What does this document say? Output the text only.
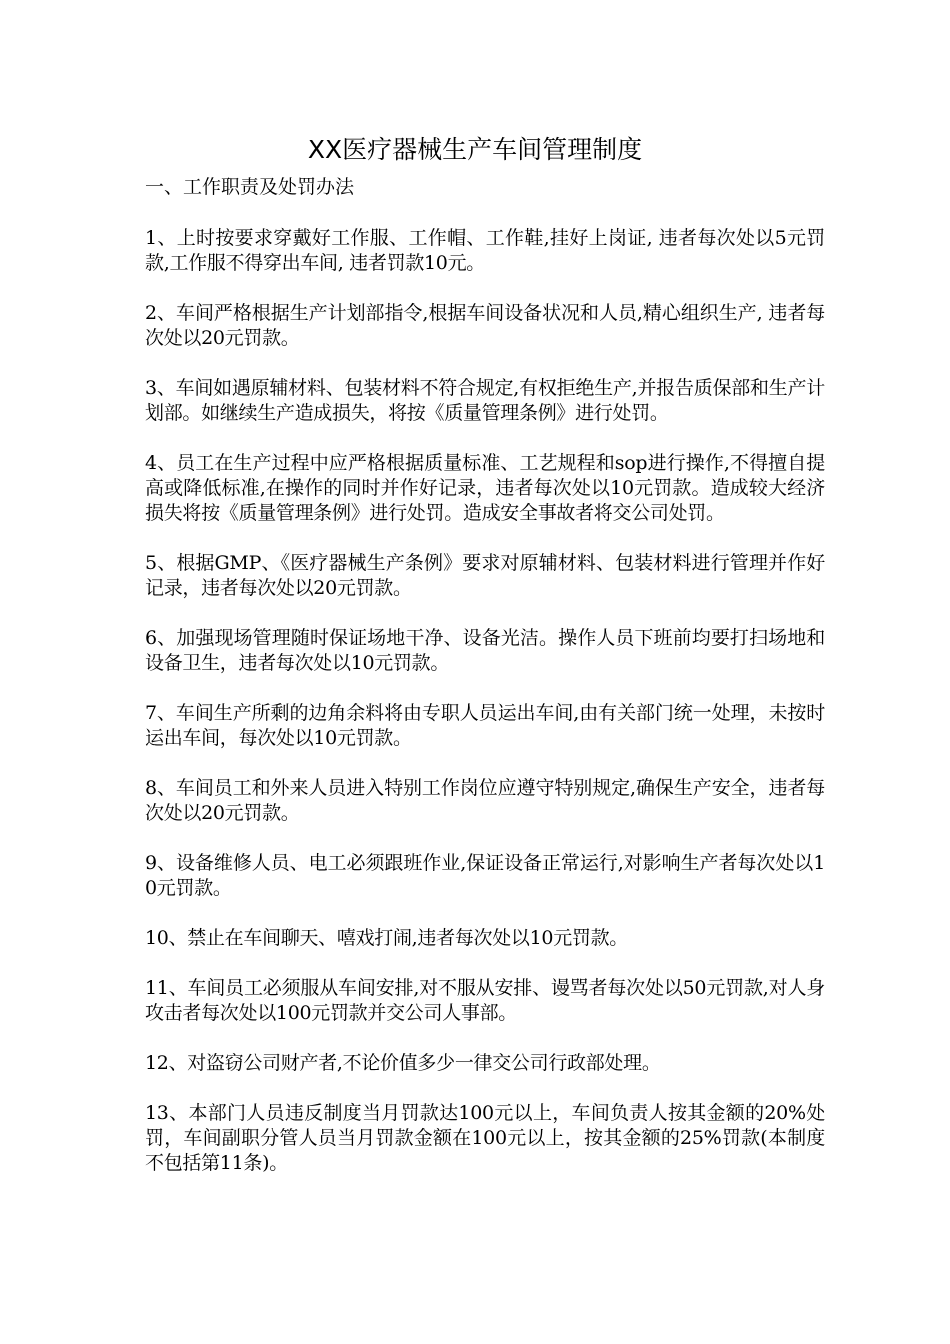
XX医疗器械生产车间管理制度
一、工作职责及处罚办法

1、上时按要求穿戴好工作服、工作帽、工作鞋,挂好上岗证, 违者每次处以5元罚款,工作服不得穿出车间, 违者罚款10元。

2、车间严格根据生产计划部指令,根据车间设备状况和人员,精心组织生产, 违者每次处以20元罚款。

3、车间如遇原辅材料、包装材料不符合规定,有权拒绝生产,并报告质保部和生产计划部。如继续生产造成损失，将按《质量管理条例》进行处罚。

4、员工在生产过程中应严格根据质量标准、工艺规程和sop进行操作,不得擅自提高或降低标准,在操作的同时并作好记录，违者每次处以10元罚款。造成较大经济损失将按《质量管理条例》进行处罚。造成安全事故者将交公司处罚。

5、根据GMP、《医疗器械生产条例》要求对原辅材料、包装材料进行管理并作好记录，违者每次处以20元罚款。

6、加强现场管理随时保证场地干净、设备光洁。操作人员下班前均要打扫场地和设备卫生，违者每次处以10元罚款。

7、车间生产所剩的边角余料将由专职人员运出车间,由有关部门统一处理，未按时运出车间，每次处以10元罚款。

8、车间员工和外来人员进入特别工作岗位应遵守特别规定,确保生产安全，违者每次处以20元罚款。

9、设备维修人员、电工必须跟班作业,保证设备正常运行,对影响生产者每次处以10元罚款。

10、禁止在车间聊天、嘻戏打闹,违者每次处以10元罚款。

11、车间员工必须服从车间安排,对不服从安排、谩骂者每次处以50元罚款,对人身攻击者每次处以100元罚款并交公司人事部。

12、对盗窃公司财产者,不论价值多少一律交公司行政部处理。

13、本部门人员违反制度当月罚款达100元以上，车间负责人按其金额的20%处罚，车间副职分管人员当月罚款金额在100元以上，按其金额的25%罚款(本制度不包括第11条)。
